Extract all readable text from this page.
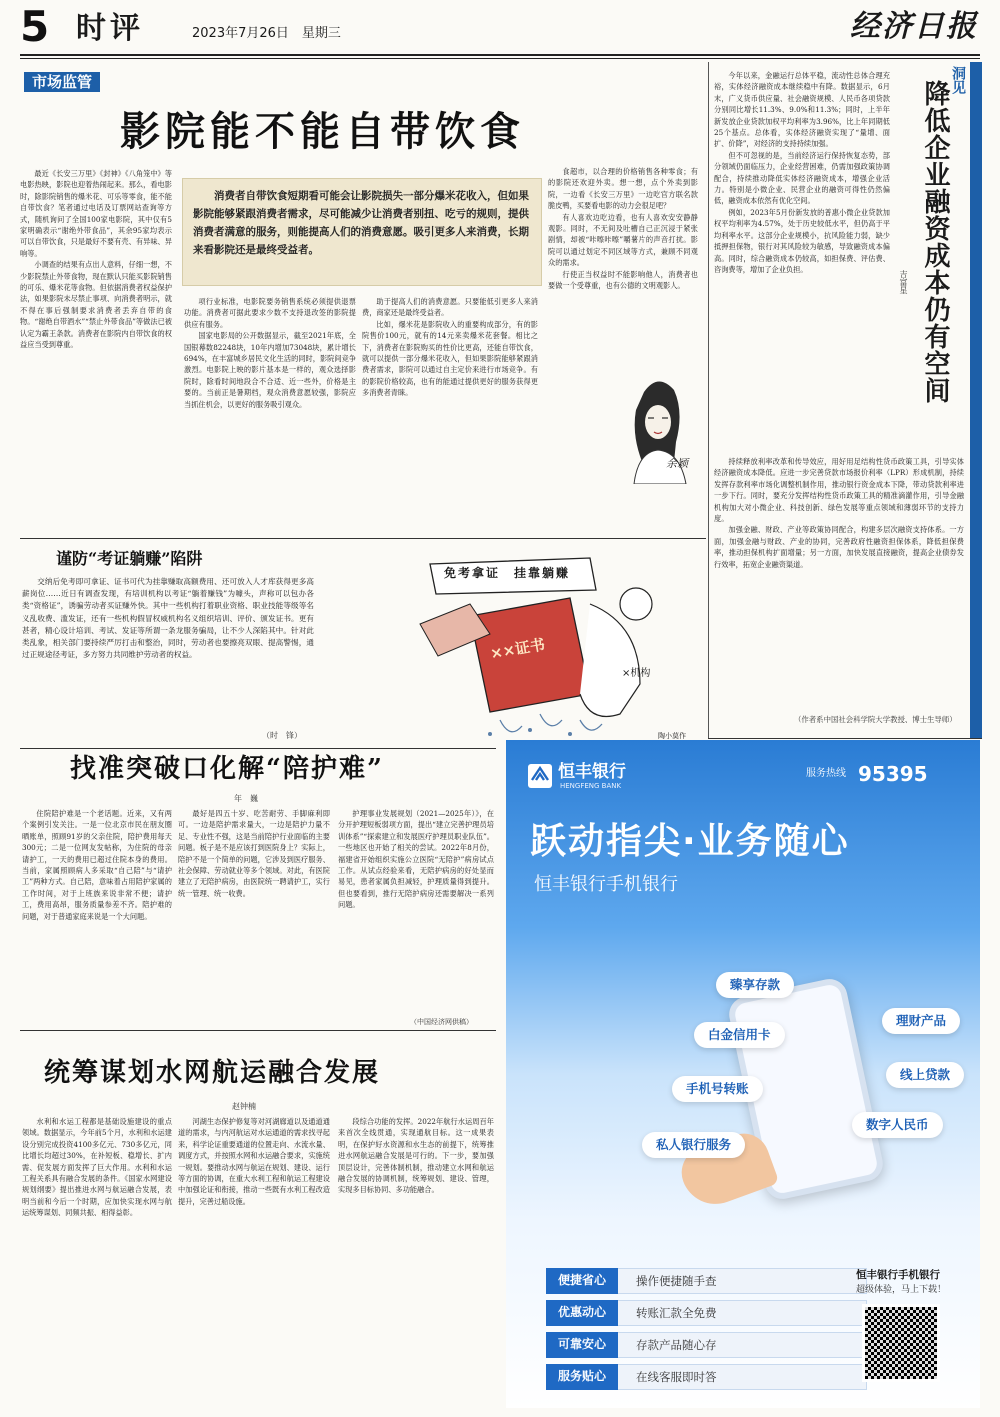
5 时评	2023年7月26日　星期三	经济日报
市场监管
影院能不能自带饮食

最近《长安三万里》《封神》《八角笼中》等电影热映，影院也迎着热闹起来。那么，看电影时，除影院销售的爆米花、可乐等零食，能不能自带饮食？笔者通过电话及订票网站查询等方式，随机询问了全国100家电影院，其中仅有5家明确表示“谢绝外带食品”，其余95家均表示可以自带饮食，只是最好不要有壳、有异味、异响等。

小调查的结果有点出人意料，仔细一想，不少影院禁止外带食物，现在默认只能买影院销售的可乐、爆米花等食物。但依据消费者权益保护法，如果影院未尽禁止事项、向消费者明示，就不得在事后强制要求消费者丢弃自带的食物。“谢绝自带酒水”“禁止外带食品”等做法已被认定为霸王条款。消费者在影院内自带饮食的权益应当受到尊重。

消费者自带饮食短期看可能会让影院损失一部分爆米花收入，但如果影院能够紧跟消费者需求，尽可能减少让消费者别扭、吃亏的规则，提供消费者满意的服务，则能提高人们的消费意愿。吸引更多人来消费，长期来看影院还是最终受益者。

项行业标准，电影院要务销售系统必须提供退票功能。消费者可据此要求少数不支持退改签的影院提供应有服务。

国家电影局的公开数据显示，截至2021年底，全国银幕数82248块，10年内增加73048块，累计增长694%，在丰富城乡居民文化生活的同时，影院间竞争激烈。电影院上映的影片基本是一样的，观众选择影院时，除看时间地段合不合适、近一些外，价格是主要的。当前正是暑期档，观众消费意愿较强，影院应当抓住机会，以更好的服务吸引观众。

助于提高人们的消费意愿。只要能低引更多人来消费，商家还是最终受益者。

比如，爆米花是影院收入的重要构成部分，有的影院售价100元，就有的14元来卖爆米花套餐。相比之下，消费者在影院购买的性价比更高，还能自带饮食，就可以提供一部分爆米花收入，但如果影院能够紧跟消费者需求，影院可以通过自主定价来进行市场竞争。有的影院价格较高，也有的能通过提供更好的服务获得更多消费者青睐。

食超市，以合理的价格销售各种零食；有的影院还欢迎外卖。想一想，点个外卖到影院，一边看《长安三万里》一边吃官方联名款脆皮鸭，买要看电影的动力会很足吧？

有人喜欢边吃边看，也有人喜欢安安静静观影。同时，不无间及吐槽自己正沉浸于紧张剧情，却被“咔嚓咔嚓”嚼薯片的声音打扰。影院可以通过划定不同区域等方式，兼顾不同观众的需求。

行使正当权益时不能影响他人，消费者也要做一个受尊重，也有公德的文明观影人。

余颖
谨防“考证躺赚”陷阱

交纳后免考即可拿证、证书可代为挂靠赚取高额费用、还可放入人才库获得更多高薪岗位……近日有调查发现，有培训机构以考证“躺着赚钱”为噱头，声称可以包办各类“资格证”，诱骗劳动者买证赚外快。其中一些机构打着职业资格、职业技能等级等名义乱收费、滥发证，还有一些机构假冒权威机构名义组织培训、评价、颁发证书。更有甚者，精心设计培训、考试、发证等所谓一条龙服务骗局，让不少人深陷其中。针对此类乱象，相关部门要持续严厉打击和整治，同时，劳动者也要擦亮双眼、提高警惕，通过正规途径考证，多方努力共同维护劳动者的权益。

（时　锋）
免考拿证　挂靠躺赚
××证书
×机构
陶小莫作
找准突破口化解“陪护难”
年　巍

住院陪护难是一个老话题。近来，又有两个案例引发关注。一是一位北京市民在朋友圈晒账单，照顾91岁的父亲住院，陪护费用每天300元；二是一位网友发帖称，为住院的母亲请护工，一天的费用已超过住院本身的费用。当前，家属照顾病人多采取“自己陪”与“请护工”两种方式。自己陪，意味着占用陪护家属的工作时间，对于上班族来说非常不便；请护工，费用高昂，服务质量参差不齐。陪护难的问题，对于普通家庭来说是一个大问题。

最好是四五十岁、吃苦耐劳、手脚麻利即可。一边是陪护需求量大，一边是陪护力量不足、专业性不强，这是当前陪护行业面临的主要问题。板子是不是应该打到医院身上？实际上，陪护不是一个简单的问题，它涉及到医疗服务、社会保障、劳动就业等多个领域。对此，有医院建立了无陪护病房，由医院统一聘请护工，实行统一管理、统一收费。

护理事业发展规划（2021—2025年）》，在分开护理短板弱项方面，提出“建立完善护理员培训体系”“探索建立和发展医疗护理员职业队伍”。一些地区也开始了相关的尝试。2022年8月份，福建省开始组织实施公立医院“无陪护”病房试点工作。从试点经验来看，无陪护病房的好处显而易见，患者家属负担减轻，护理质量得到提升。但也要看到，推行无陪护病房还需要解决一系列问题。

（中国经济网供稿）
统筹谋划水网航运融合发展
赵钟楠

水利和水运工程都是基础设施建设的重点领域。数据显示，今年前5个月，水利和水运建设分别完成投资4100多亿元、730多亿元，同比增长均超过30%，在补短板、稳增长、扩内需、促发展方面发挥了巨大作用。水利和水运工程关系具有融合发展的条件。《国家水网建设规划纲要》提出推进水网与航运融合发展，表明当前和今后一个时期，应加快实现水网与航运统筹谋划、同频共振、相得益彰。

河湖生态保护修复等对河湖廊道以及通道通道的需求，与内河航运对水运通道的需求找寻起来，科学论证重要通道的位置走向、水流水量、调度方式，并按照水网和水运融合要求，实施统一规划。要推动水网与航运在规划、建设、运行等方面的协调，在重大水利工程和航运工程建设中加强论证和衔接，推动一些既有水利工程改造提升，完善过船设施。

段综合功能的发挥。2022年航行水运周百年来首次全线贯通，实现通航目标。这一成果表明，在保护好水资源和水生态的前提下，统筹推进水网航运融合发展是可行的。下一步，要加强顶层设计，完善体制机制，推动建立水网和航运融合发展的协调机制，统筹规划、建设、管理，实现多目标协同、多功能融合。

洞见
降低企业融资成本仍有空间
吉富星

今年以来，金融运行总体平稳，流动性总体合理充裕，实体经济融资成本继续稳中有降。数据显示，6月末，广义货币供应量、社会融资规模、人民币各项贷款分别同比增长11.3%、9.0%和11.3%；同时，上半年新发放企业贷款加权平均利率为3.96%，比上年同期低25个基点。总体看，实体经济融资实现了“量增、面扩、价降”，对经济的支持持续加强。

但不可忽视的是，当前经济运行保持恢复态势，部分领域仍面临压力，企业经营困难，仍需加强政策协调配合，持续推动降低实体经济融资成本，增强企业活力。特别是小微企业、民营企业的融资可得性仍然偏低，融资成本依然有优化空间。

例如，2023年5月份新发放的普惠小微企业贷款加权平均利率为4.57%，处于历史较低水平，但仍高于平均利率水平。这部分企业规模小，抗风险能力弱，缺少抵押担保物，银行对其风险较为敏感，导致融资成本偏高。同时，综合融资成本仍较高，如担保费、评估费、咨询费等，增加了企业负担。

持续释放利率改革和传导效应，用好用足结构性货币政策工具，引导实体经济融资成本降低。应进一步完善贷款市场报价利率（LPR）形成机制，持续发挥存款利率市场化调整机制作用，推动银行资金成本下降，带动贷款利率进一步下行。同时，要充分发挥结构性货币政策工具的精准滴灌作用，引导金融机构加大对小微企业、科技创新、绿色发展等重点领域和薄弱环节的支持力度。

加强金融、财政、产业等政策协同配合，构建多层次融资支持体系。一方面，加强金融与财政、产业的协同，完善政府性融资担保体系，降低担保费率，推动担保机构扩面增量；另一方面，加快发展直接融资，提高企业债券发行效率，拓宽企业融资渠道。

（作者系中国社会科学院大学教授、博士生导师）
恒丰银行
HENGFENG BANK
服务热线 95395
跃动指尖·业务随心
恒丰银行手机银行
臻享存款
理财产品
白金信用卡
线上贷款
手机号转账
数字人民币
私人银行服务
便捷省心	操作便捷随手查
优惠动心	转账汇款全免费
可靠安心	存款产品随心存
服务贴心	在线客服即时答
恒丰银行手机银行
超级体验，马上下载！
